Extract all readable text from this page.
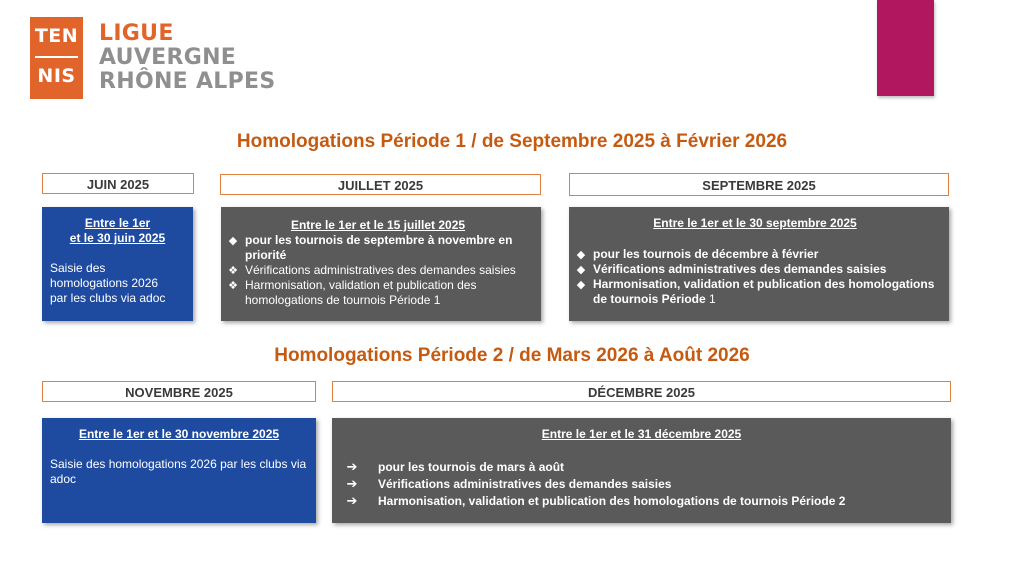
TEN
NIS
LIGUE
AUVERGNE
RHÔNE ALPES
Homologations Période 1 / de Septembre 2025 à Février 2026
JUIN 2025	JUILLET 2025	SEPTEMBRE 2025
Entre le 1er
et le 30 juin 2025
Saisie des
homologations 2026
par les clubs via adoc
Entre le 1er et le 15 juillet 2025
◆ pour les tournois de septembre à novembre en priorité
❖ Vérifications administratives des demandes saisies
❖ Harmonisation, validation et publication des homologations de tournois Période 1
Entre le 1er et le 30 septembre 2025
◆ pour les tournois de décembre à février
◆ Vérifications administratives des demandes saisies
◆ Harmonisation, validation et publication des homologations de tournois Période 1
Homologations Période 2 / de Mars 2026 à Août 2026
NOVEMBRE 2025	DÉCEMBRE 2025
Entre le 1er et le 30 novembre 2025
Saisie des homologations 2026 par les clubs via adoc
Entre le 1er et le 31 décembre 2025
➔ pour les tournois de mars à août
➔ Vérifications administratives des demandes saisies
➔ Harmonisation, validation et publication des homologations de tournois Période 2
